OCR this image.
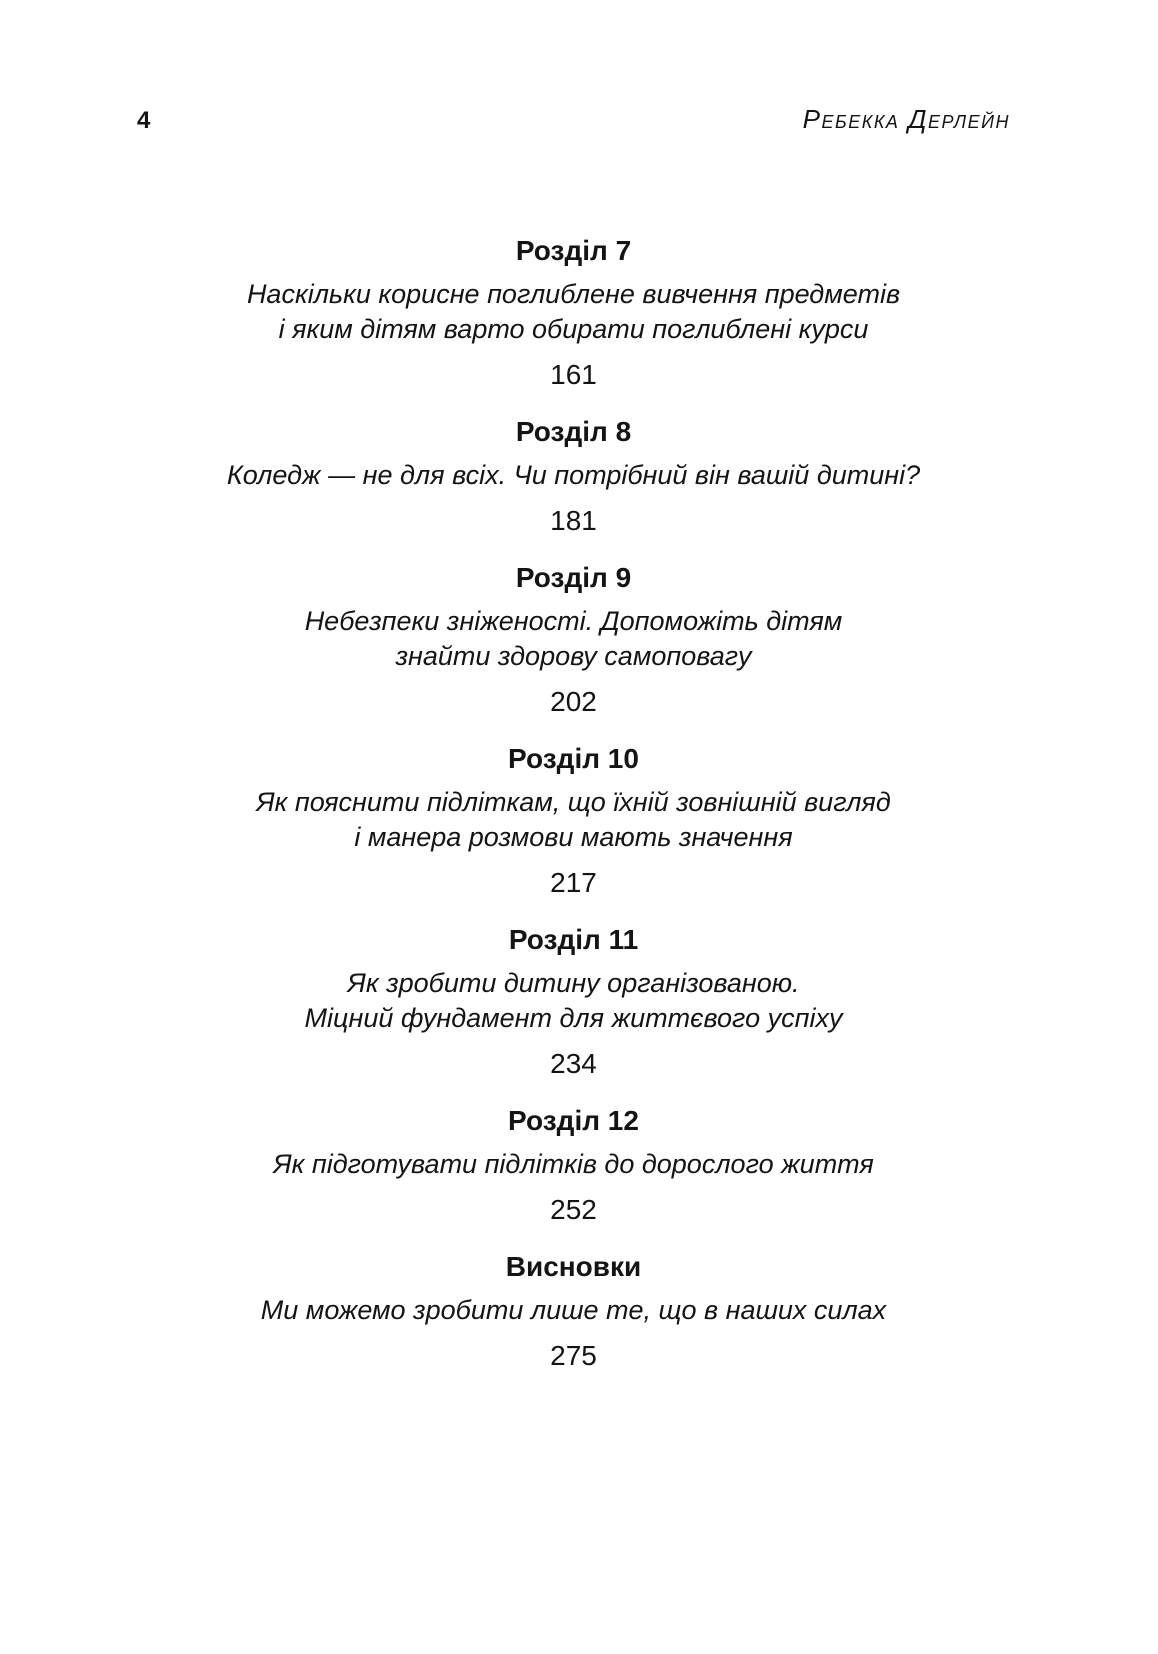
4	Ребекка Дерлейн
Розділ 7
Наскільки корисне поглиблене вивчення предметів
і яким дітям варто обирати поглиблені курси
161
Розділ 8
Коледж — не для всіх. Чи потрібний він вашій дитині?
181
Розділ 9
Небезпеки зніженості. Допоможіть дітям
знайти здорову самоповагу
202
Розділ 10
Як пояснити підліткам, що їхній зовнішній вигляд
і манера розмови мають значення
217
Розділ 11
Як зробити дитину організованою.
Міцний фундамент для життєвого успіху
234
Розділ 12
Як підготувати підлітків до дорослого життя
252
Висновки
Ми можемо зробити лише те, що в наших силах
275
